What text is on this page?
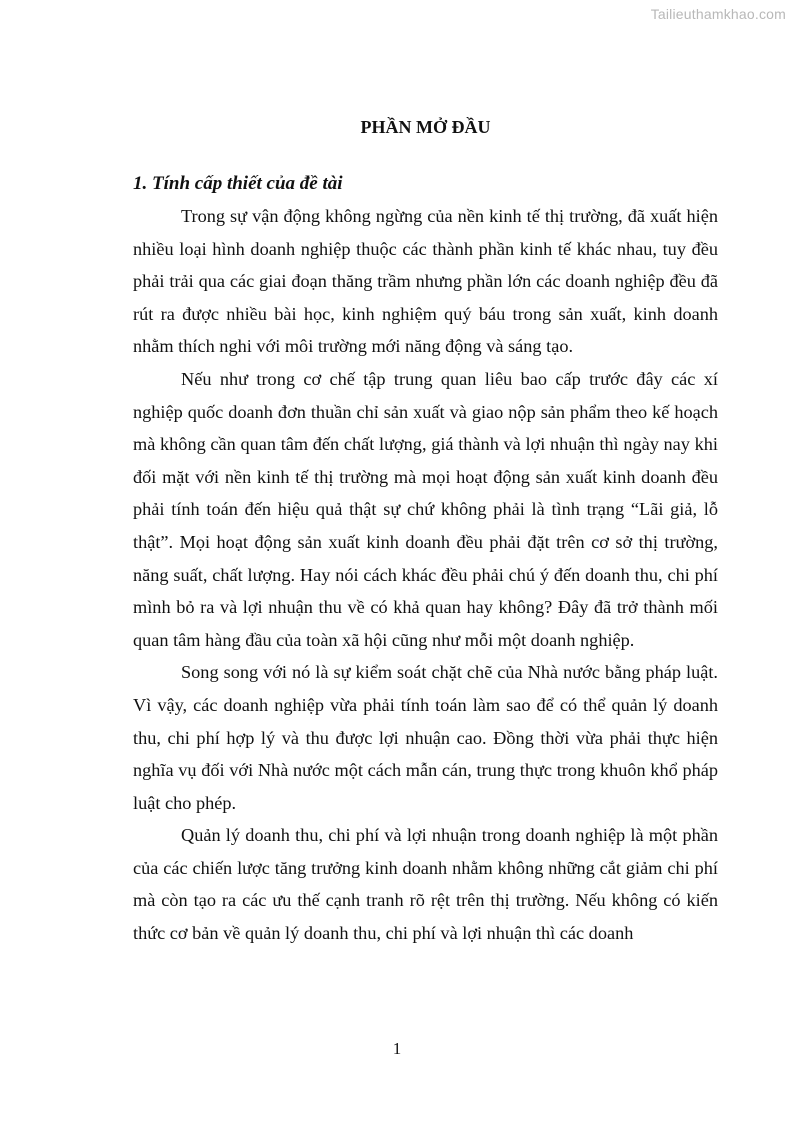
Tailieuthamkhao.com
PHẦN MỞ ĐẦU
1. Tính cấp thiết của đề tài

Trong sự vận động không ngừng của nền kinh tế thị trường, đã xuất hiện nhiều loại hình doanh nghiệp thuộc các thành phần kinh tế khác nhau, tuy đều phải trải qua các giai đoạn thăng trầm nhưng phần lớn các doanh nghiệp đều đã rút ra được nhiều bài học, kinh nghiệm quý báu trong sản xuất, kinh doanh nhằm thích nghi với môi trường mới năng động và sáng tạo.

Nếu như trong cơ chế tập trung quan liêu bao cấp trước đây các xí nghiệp quốc doanh đơn thuần chỉ sản xuất và giao nộp sản phẩm theo kế hoạch mà không cần quan tâm đến chất lượng, giá thành và lợi nhuận thì ngày nay khi đối mặt với nền kinh tế thị trường mà mọi hoạt động sản xuất kinh doanh đều phải tính toán đến hiệu quả thật sự chứ không phải là tình trạng “Lãi giả, lỗ thật”. Mọi hoạt động sản xuất kinh doanh đều phải đặt trên cơ sở thị trường, năng suất, chất lượng. Hay nói cách khác đều phải chú ý đến doanh thu, chi phí mình bỏ ra và lợi nhuận thu về có khả quan hay không? Đây đã trở thành mối quan tâm hàng đầu của toàn xã hội cũng như mỗi một doanh nghiệp.

Song song với nó là sự kiểm soát chặt chẽ của Nhà nước bằng pháp luật. Vì vậy, các doanh nghiệp vừa phải tính toán làm sao để có thể quản lý doanh thu, chi phí hợp lý và thu được lợi nhuận cao. Đồng thời vừa phải thực hiện nghĩa vụ đối với Nhà nước một cách mẫn cán, trung thực trong khuôn khổ pháp luật cho phép.

Quản lý doanh thu, chi phí và lợi nhuận trong doanh nghiệp là một phần của các chiến lược tăng trưởng kinh doanh nhằm không những cắt giảm chi phí mà còn tạo ra các ưu thế cạnh tranh rõ rệt trên thị trường. Nếu không có kiến thức cơ bản về quản lý doanh thu, chi phí và lợi nhuận thì các doanh

1
